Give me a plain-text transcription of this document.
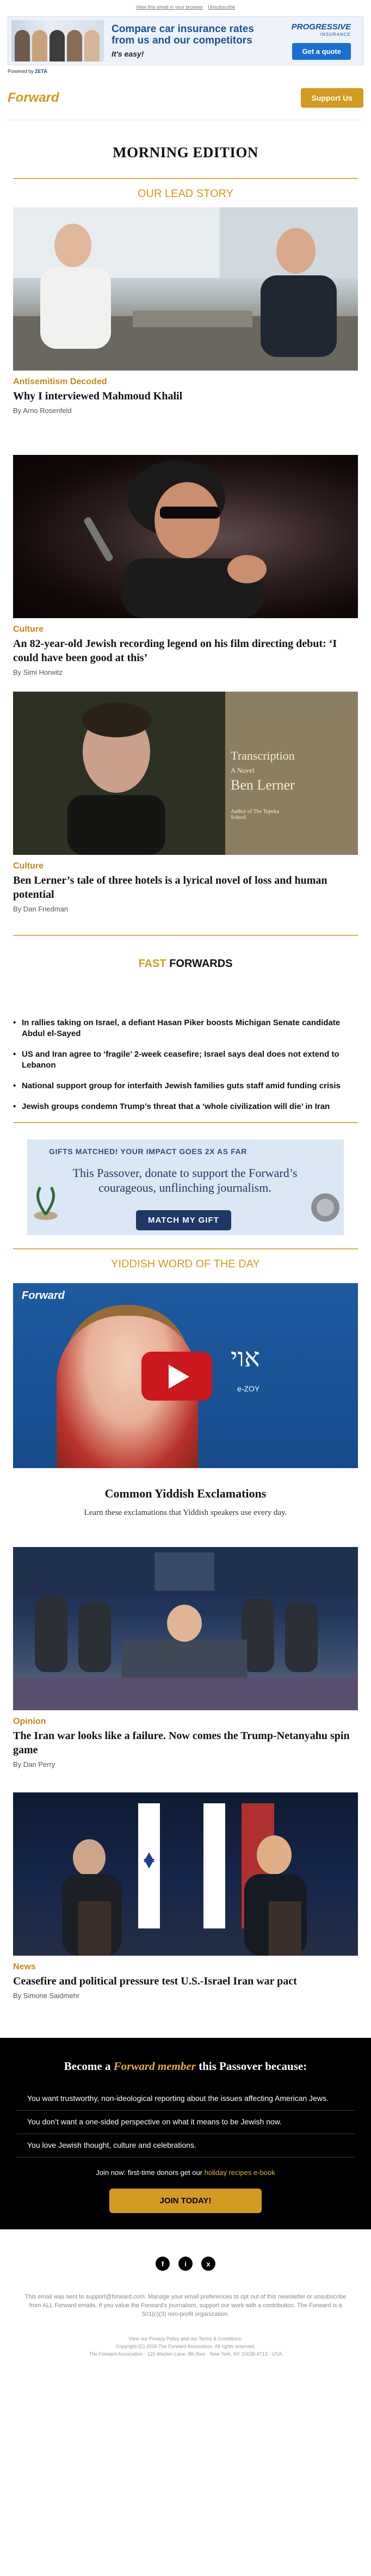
View this email in your browser Unsubscribe
Compare car insurance rates from us and our competitors
It's easy!
PROGRESSIVE
INSURANCE
Get a quote
Powered by ZETA
Forward	Support Us
MORNING EDITION
OUR LEAD STORY
Antisemitism Decoded
Why I interviewed Mahmoud Khalil
By Arno Rosenfeld
Culture
An 82-year-old Jewish recording legend on his film directing debut: ‘I could have been good at this’
By Simi Horwitz
Transcription
A Novel
Ben Lerner
Author of The Topeka School
Culture
Ben Lerner’s tale of three hotels is a lyrical novel of loss and human potential
By Dan Friedman
FAST FORWARDS
• In rallies taking on Israel, a defiant Hasan Piker boosts Michigan Senate candidate Abdul el-Sayed
• US and Iran agree to ‘fragile’ 2-week ceasefire; Israel says deal does not extend to Lebanon
• National support group for interfaith Jewish families guts staff amid funding crisis
• Jewish groups condemn Trump’s threat that a ‘whole civilization will die’ in Iran
GIFTS MATCHED! YOUR IMPACT GOES 2X AS FAR
This Passover, donate to support the Forward’s courageous, unflinching journalism.
MATCH MY GIFT
YIDDISH WORD OF THE DAY
Forward
אוי
e-ZOY
Common Yiddish Exclamations
Learn these exclamations that Yiddish speakers use every day.
Opinion
The Iran war looks like a failure. Now comes the Trump-Netanyahu spin game
By Dan Perry
News
Ceasefire and political pressure test U.S.-Israel Iran war pact
By Simone Saidmehr
Become a Forward member this Passover because:
You want trustworthy, non-ideological reporting about the issues affecting American Jews.
You don’t want a one-sided perspective on what it means to be Jewish now.
You love Jewish thought, culture and celebrations.
Join now: first-time donors get our holiday recipes e-book
JOIN TODAY!
f	i	x
This email was sent to support@forward.com. Manage your email preferences to opt out of this newsletter or unsubscribe from ALL Forward emails. If you value the Forward’s journalism, support our work with a contribution. The Forward is a 501(c)(3) non-profit organization.
View our Privacy Policy and our Terms & Conditions.
Copyright (C) 2026 The Forward Association. All rights reserved.
The Forward Association · 125 Maiden Lane, 8th floor · New York, NY 10038-4713 · USA
